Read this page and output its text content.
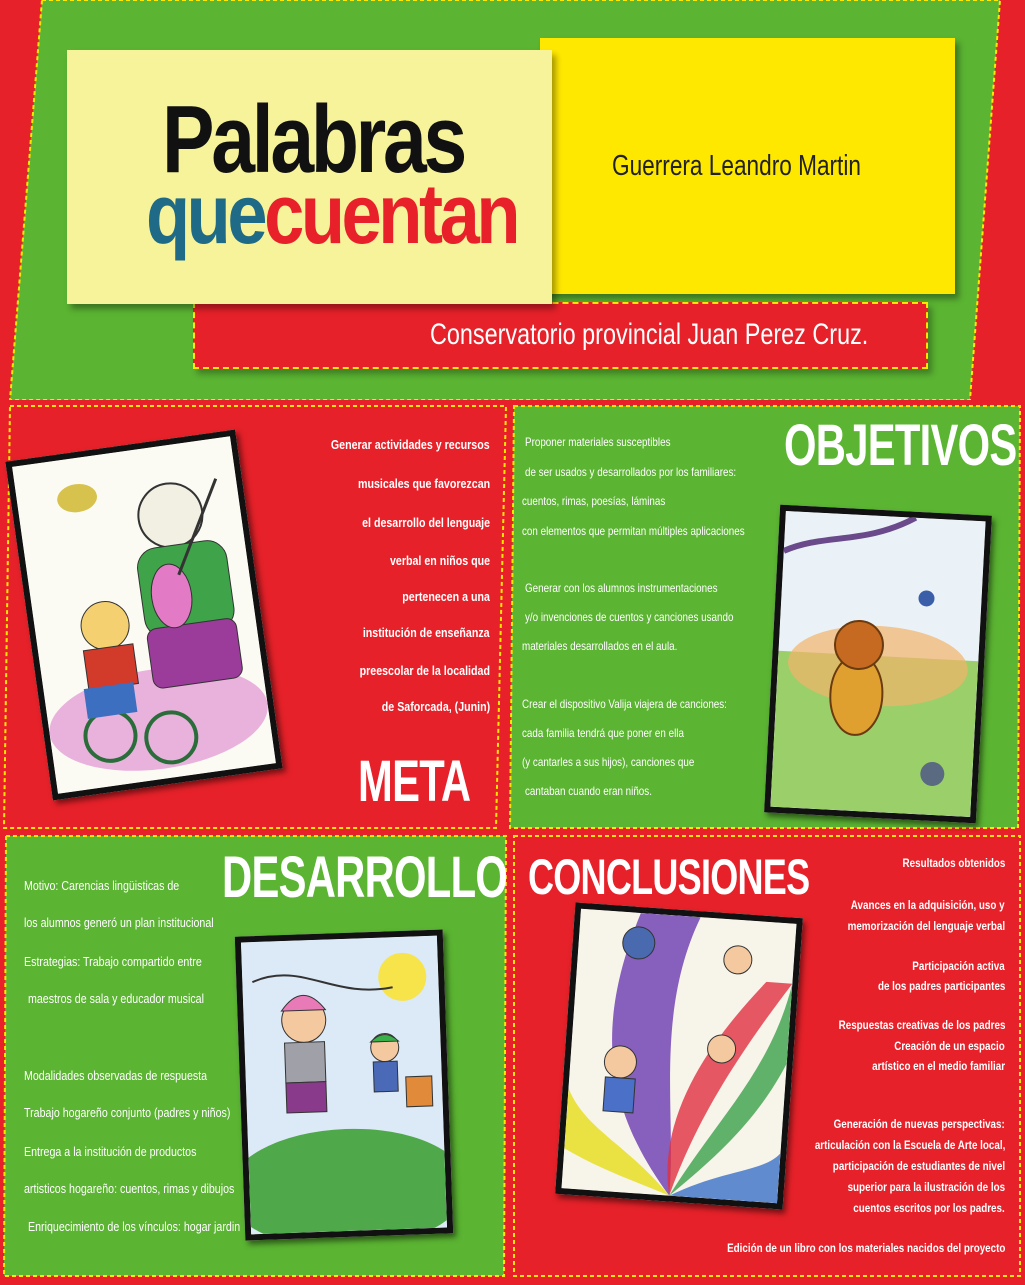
Guerrera Leandro Martin
Conservatorio provincial Juan Perez Cruz.
Palabras
quecuentan
Generar actividades y recursos
musicales que favorezcan
el desarrollo del lenguaje
verbal en niños que
pertenecen a una
institución de enseñanza
preescolar de la localidad
de Saforcada, (Junin)
META
OBJETIVOS
Proponer materiales susceptibles
de ser usados y desarrollados por los familiares:
cuentos, rimas, poesías, láminas
con elementos que permitan múltiples aplicaciones
Generar con los alumnos instrumentaciones
y/o invenciones de cuentos y canciones usando
materiales desarrollados en el aula.
Crear el dispositivo Valija viajera de canciones:
cada familia tendrá que poner en ella
(y cantarles a sus hijos), canciones que
cantaban cuando eran niños.
DESARROLLO
Motivo: Carencias lingüisticas de
los alumnos generó un plan institucional
Estrategias: Trabajo compartido entre
maestros de sala y educador musical
Modalidades observadas de respuesta
Trabajo hogareño conjunto (padres y niños)
Entrega a la institución de productos
artisticos hogareño: cuentos, rimas y dibujos
Enriquecimiento de los vínculos: hogar jardin
CONCLUSIONES	Resultados obtenidos
Avances en la adquisición, uso y
memorización del lenguaje verbal
Participación activa
de los padres participantes
Respuestas creativas de los padres
Creación de un espacio
artístico en el medio familiar
Generación de nuevas perspectivas:
articulación con la Escuela de Arte local,
participación de estudiantes de nivel
superior para la ilustración de los
cuentos escritos por los padres.
Edición de un libro con los materiales nacidos del proyecto
